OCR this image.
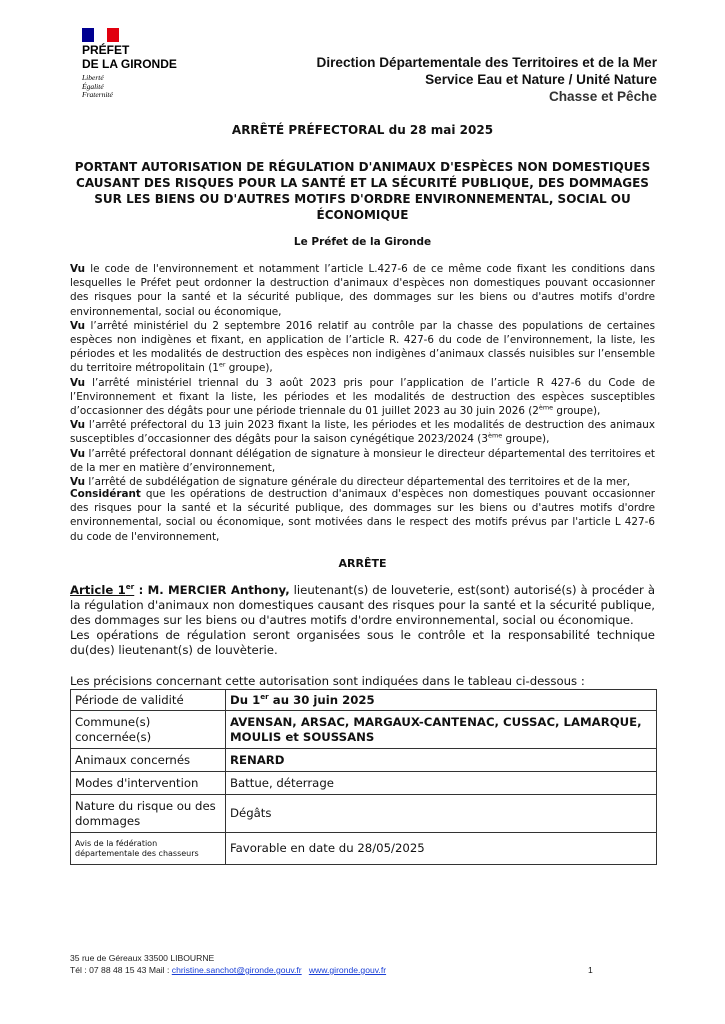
PRÉFET
DE LA GIRONDE
Liberté
Égalité
Fraternité
Direction Départementale des Territoires et de la Mer
Service Eau et Nature / Unité Nature
Chasse et Pêche
ARRÊTÉ PRÉFECTORAL du 28 mai 2025
PORTANT AUTORISATION DE RÉGULATION D'ANIMAUX D'ESPÈCES NON DOMESTIQUES CAUSANT DES RISQUES POUR LA SANTÉ ET LA SÉCURITÉ PUBLIQUE, DES DOMMAGES SUR LES BIENS OU D'AUTRES MOTIFS D'ORDRE ENVIRONNEMENTAL, SOCIAL OU ÉCONOMIQUE
Le Préfet de la Gironde

Vu le code de l'environnement et notamment l’article L.427-6 de ce même code fixant les conditions dans lesquelles le Préfet peut ordonner la destruction d'animaux d'espèces non domestiques pouvant occasionner des risques pour la santé et la sécurité publique, des dommages sur les biens ou d'autres motifs d'ordre environnemental, social ou économique,

Vu l’arrêté ministériel du 2 septembre 2016 relatif au contrôle par la chasse des populations de certaines espèces non indigènes et fixant, en application de l’article R. 427-6 du code de l’environnement, la liste, les périodes et les modalités de destruction des espèces non indigènes d’animaux classés nuisibles sur l’ensemble du territoire métropolitain (1er groupe),

Vu l’arrêté ministériel triennal du 3 août 2023 pris pour l’application de l’article R 427-6 du Code de l’Environnement et fixant la liste, les périodes et les modalités de destruction des espèces susceptibles d’occasionner des dégâts pour une période triennale du 01 juillet 2023 au 30 juin 2026 (2ème groupe),

Vu l’arrêté préfectoral du 13 juin 2023 fixant la liste, les périodes et les modalités de destruction des animaux susceptibles d’occasionner des dégâts pour la saison cynégétique 2023/2024 (3ème groupe),

Vu l’arrêté préfectoral donnant délégation de signature à monsieur le directeur départemental des territoires et de la mer en matière d’environnement,

Vu l’arrêté de subdélégation de signature générale du directeur départemental des territoires et de la mer,

Considérant que les opérations de destruction d'animaux d'espèces non domestiques pouvant occasionner des risques pour la santé et la sécurité publique, des dommages sur les biens ou d'autres motifs d'ordre environnemental, social ou économique, sont motivées dans le respect des motifs prévus par l'article L 427-6 du code de l'environnement,
ARRÊTE

Article 1er : M. MERCIER Anthony, lieutenant(s) de louveterie, est(sont) autorisé(s) à procéder à la régulation d'animaux non domestiques causant des risques pour la santé et la sécurité publique, des dommages sur les biens ou d'autres motifs d'ordre environnemental, social ou économique.

Les opérations de régulation seront organisées sous le contrôle et la responsabilité technique du(des) lieutenant(s) de louvèterie.

Les précisions concernant cette autorisation sont indiquées dans le tableau ci-dessous :
Période de validité	Du 1er au 30 juin 2025
Commune(s) concernée(s)	AVENSAN, ARSAC, MARGAUX-CANTENAC, CUSSAC, LAMARQUE, MOULIS et SOUSSANS
Animaux concernés	RENARD
Modes d'intervention	Battue, déterrage
Nature du risque ou des dommages	Dégâts
Avis de la fédération départementale des chasseurs	Favorable en date du 28/05/2025
35 rue de Géreaux 33500 LIBOURNE
Tél : 07 88 48 15 43 Mail : christine.sanchot@gironde.gouv.fr www.gironde.gouv.fr	1
